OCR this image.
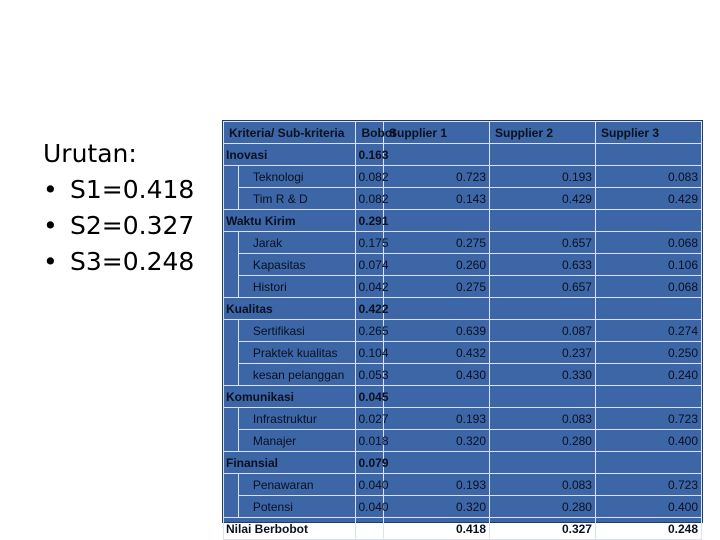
Urutan:
• S1=0.418
• S2=0.327
• S3=0.248
Kriteria/ Sub-kriteria		Bobot	Supplier 1	Supplier 2	Supplier 3
Inovasi		0.163			
	Teknologi	0.082	0.723	0.193	0.083
	Tim R & D	0.082	0.143	0.429	0.429
Waktu Kirim		0.291			
	Jarak	0.175	0.275	0.657	0.068
	Kapasitas	0.074	0.260	0.633	0.106
	Histori	0.042	0.275	0.657	0.068
Kualitas		0.422			
	Sertifikasi	0.265	0.639	0.087	0.274
	Praktek kualitas	0.104	0.432	0.237	0.250
	kesan pelanggan	0.053	0.430	0.330	0.240
Komunikasi		0.045			
	Infrastruktur	0.027	0.193	0.083	0.723
	Manajer	0.018	0.320	0.280	0.400
Finansial		0.079			
	Penawaran	0.040	0.193	0.083	0.723
	Potensi	0.040	0.320	0.280	0.400
Nilai Berbobot			0.418	0.327	0.248
